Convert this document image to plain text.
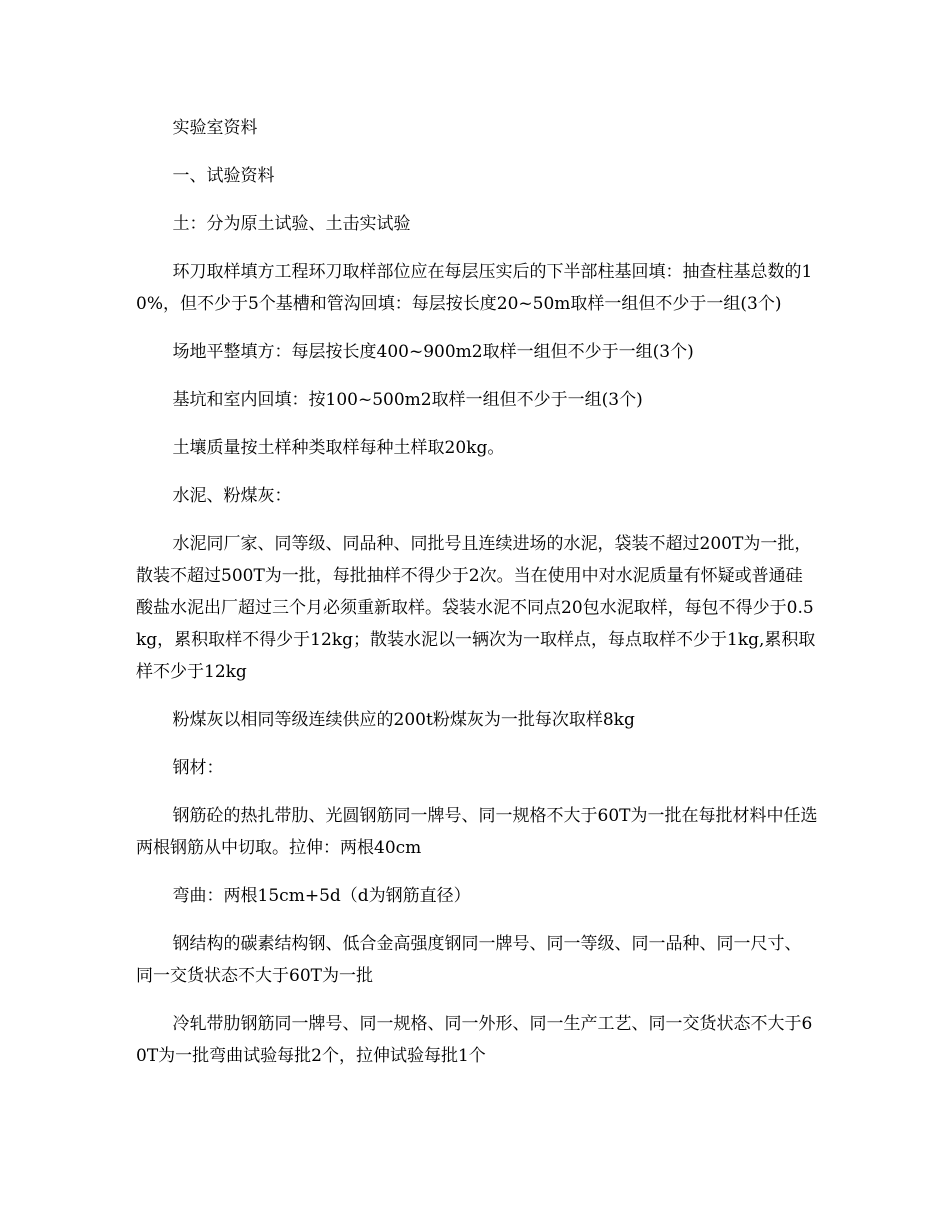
实验室资料

一、试验资料

土：分为原土试验、土击实试验

环刀取样填方工程环刀取样部位应在每层压实后的下半部柱基回填：抽查柱基总数的10%，但不少于5个基槽和管沟回填：每层按长度20~50m取样一组但不少于一组(3个)

场地平整填方：每层按长度400~900m2取样一组但不少于一组(3个)

基坑和室内回填：按100~500m2取样一组但不少于一组(3个)

土壤质量按土样种类取样每种土样取20kg。

水泥、粉煤灰：

水泥同厂家、同等级、同品种、同批号且连续进场的水泥，袋装不超过200T为一批，散装不超过500T为一批，每批抽样不得少于2次。当在使用中对水泥质量有怀疑或普通硅酸盐水泥出厂超过三个月必须重新取样。袋装水泥不同点20包水泥取样，每包不得少于0.5kg，累积取样不得少于12kg；散装水泥以一辆次为一取样点，每点取样不少于1kg,累积取样不少于12kg

粉煤灰以相同等级连续供应的200t粉煤灰为一批每次取样8kg

钢材：

钢筋砼的热扎带肋、光圆钢筋同一牌号、同一规格不大于60T为一批在每批材料中任选两根钢筋从中切取。拉伸：两根40cm

弯曲：两根15cm+5d（d为钢筋直径）

钢结构的碳素结构钢、低合金高强度钢同一牌号、同一等级、同一品种、同一尺寸、同一交货状态不大于60T为一批

冷轧带肋钢筋同一牌号、同一规格、同一外形、同一生产工艺、同一交货状态不大于60T为一批弯曲试验每批2个，拉伸试验每批1个
